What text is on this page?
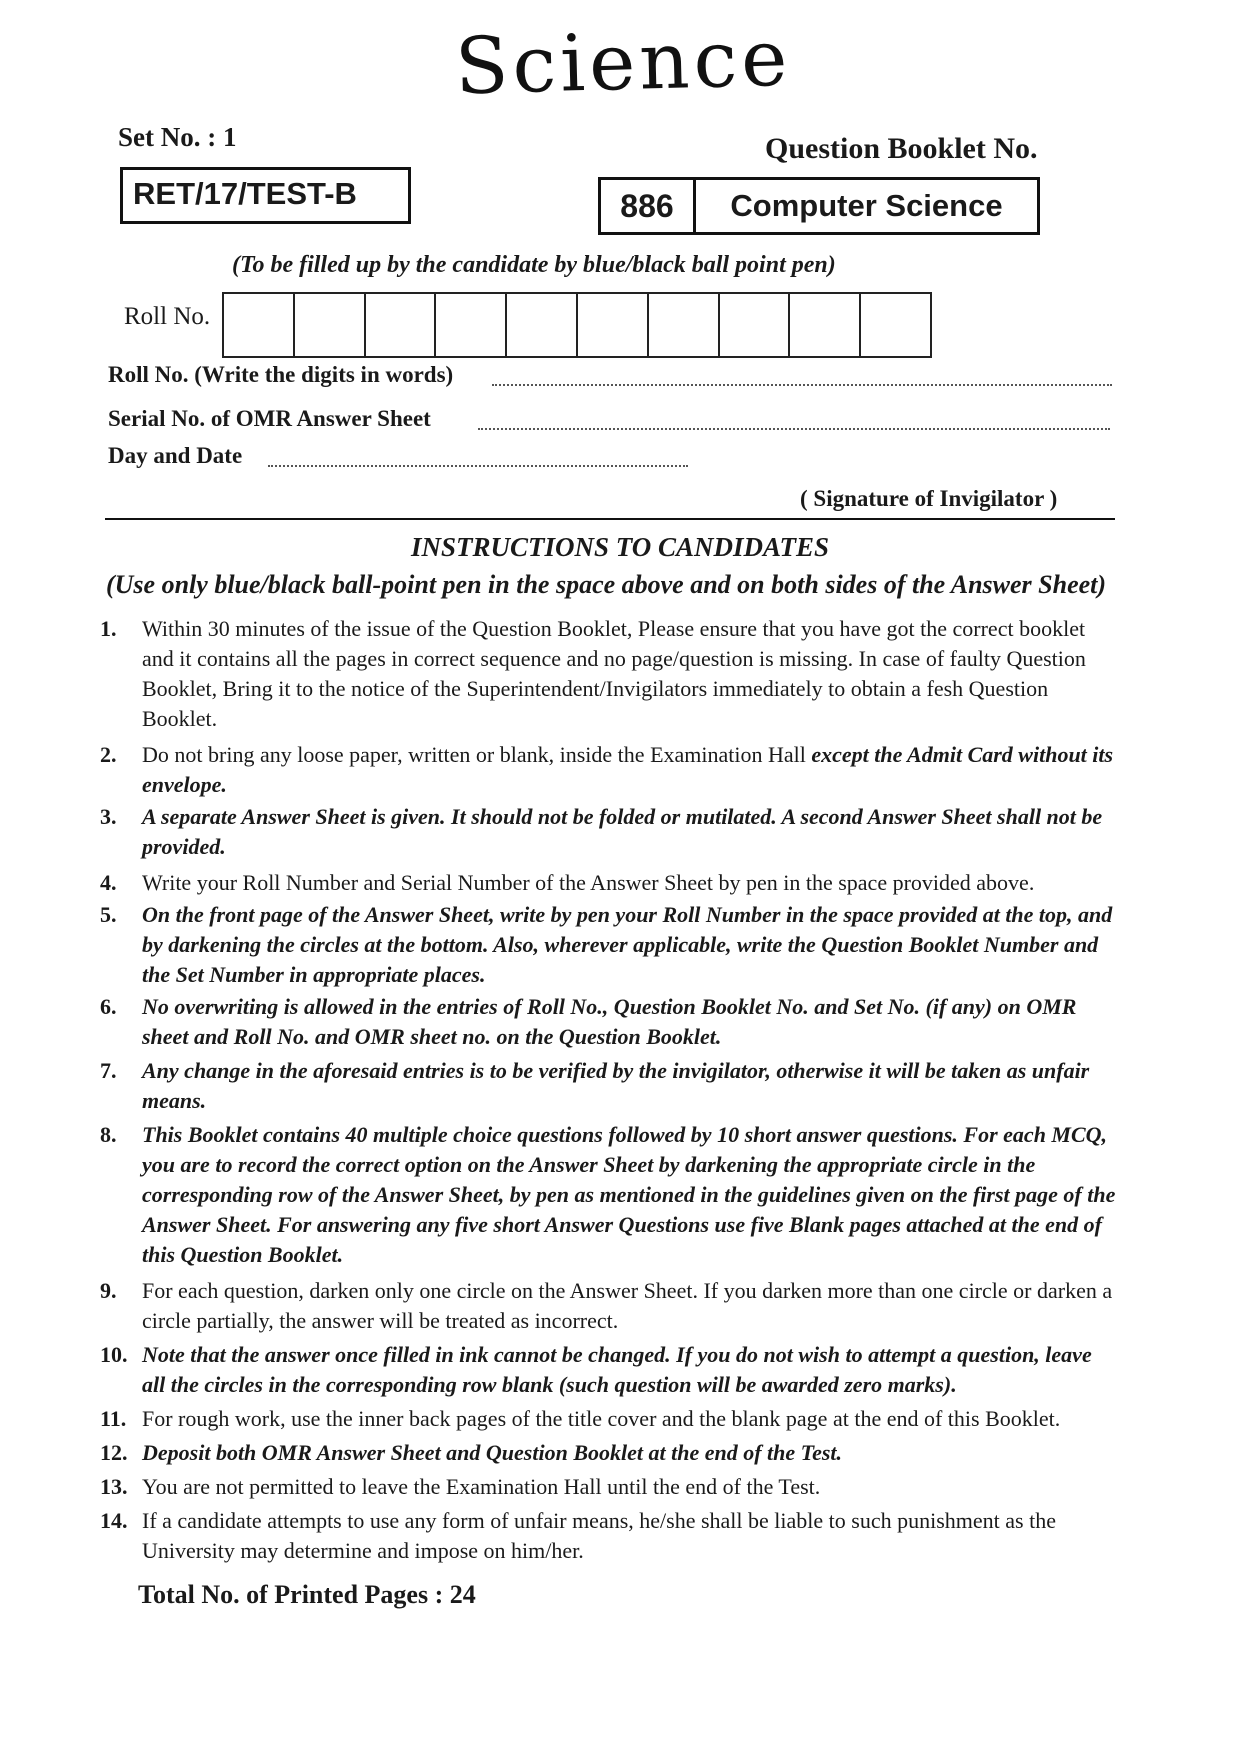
Science
Set No. : 1	Question Booklet No.
RET/17/TEST-B	886	Computer Science
(To be filled up by the candidate by blue/black ball point pen)
Roll No.
Roll No. (Write the digits in words)
Serial No. of OMR Answer Sheet
Day and Date
( Signature of Invigilator )
INSTRUCTIONS TO CANDIDATES
(Use only blue/black ball-point pen in the space above and on both sides of the Answer Sheet)
1.	Within 30 minutes of the issue of the Question Booklet, Please ensure that you have got the correct booklet and it contains all the pages in correct sequence and no page/question is missing. In case of faulty Question Booklet, Bring it to the notice of the Superintendent/Invigilators immediately to obtain a fesh Question Booklet.
2.	Do not bring any loose paper, written or blank, inside the Examination Hall except the Admit Card without its envelope.
3.	A separate Answer Sheet is given. It should not be folded or mutilated. A second Answer Sheet shall not be provided.
4.	Write your Roll Number and Serial Number of the Answer Sheet by pen in the space provided above.
5.	On the front page of the Answer Sheet, write by pen your Roll Number in the space provided at the top, and by darkening the circles at the bottom. Also, wherever applicable, write the Question Booklet Number and the Set Number in appropriate places.
6.	No overwriting is allowed in the entries of Roll No., Question Booklet No. and Set No. (if any) on OMR sheet and Roll No. and OMR sheet no. on the Question Booklet.
7.	Any change in the aforesaid entries is to be verified by the invigilator, otherwise it will be taken as unfair means.
8.	This Booklet contains 40 multiple choice questions followed by 10 short answer questions. For each MCQ, you are to record the correct option on the Answer Sheet by darkening the appropriate circle in the corresponding row of the Answer Sheet, by pen as mentioned in the guidelines given on the first page of the Answer Sheet. For answering any five short Answer Questions use five Blank pages attached at the end of this Question Booklet.
9.	For each question, darken only one circle on the Answer Sheet. If you darken more than one circle or darken a circle partially, the answer will be treated as incorrect.
10. Note that the answer once filled in ink cannot be changed. If you do not wish to attempt a question, leave all the circles in the corresponding row blank (such question will be awarded zero marks).
11. For rough work, use the inner back pages of the title cover and the blank page at the end of this Booklet.
12. Deposit both OMR Answer Sheet and Question Booklet at the end of the Test.
13. You are not permitted to leave the Examination Hall until the end of the Test.
14. If a candidate attempts to use any form of unfair means, he/she shall be liable to such punishment as the University may determine and impose on him/her.
Total No. of Printed Pages : 24
